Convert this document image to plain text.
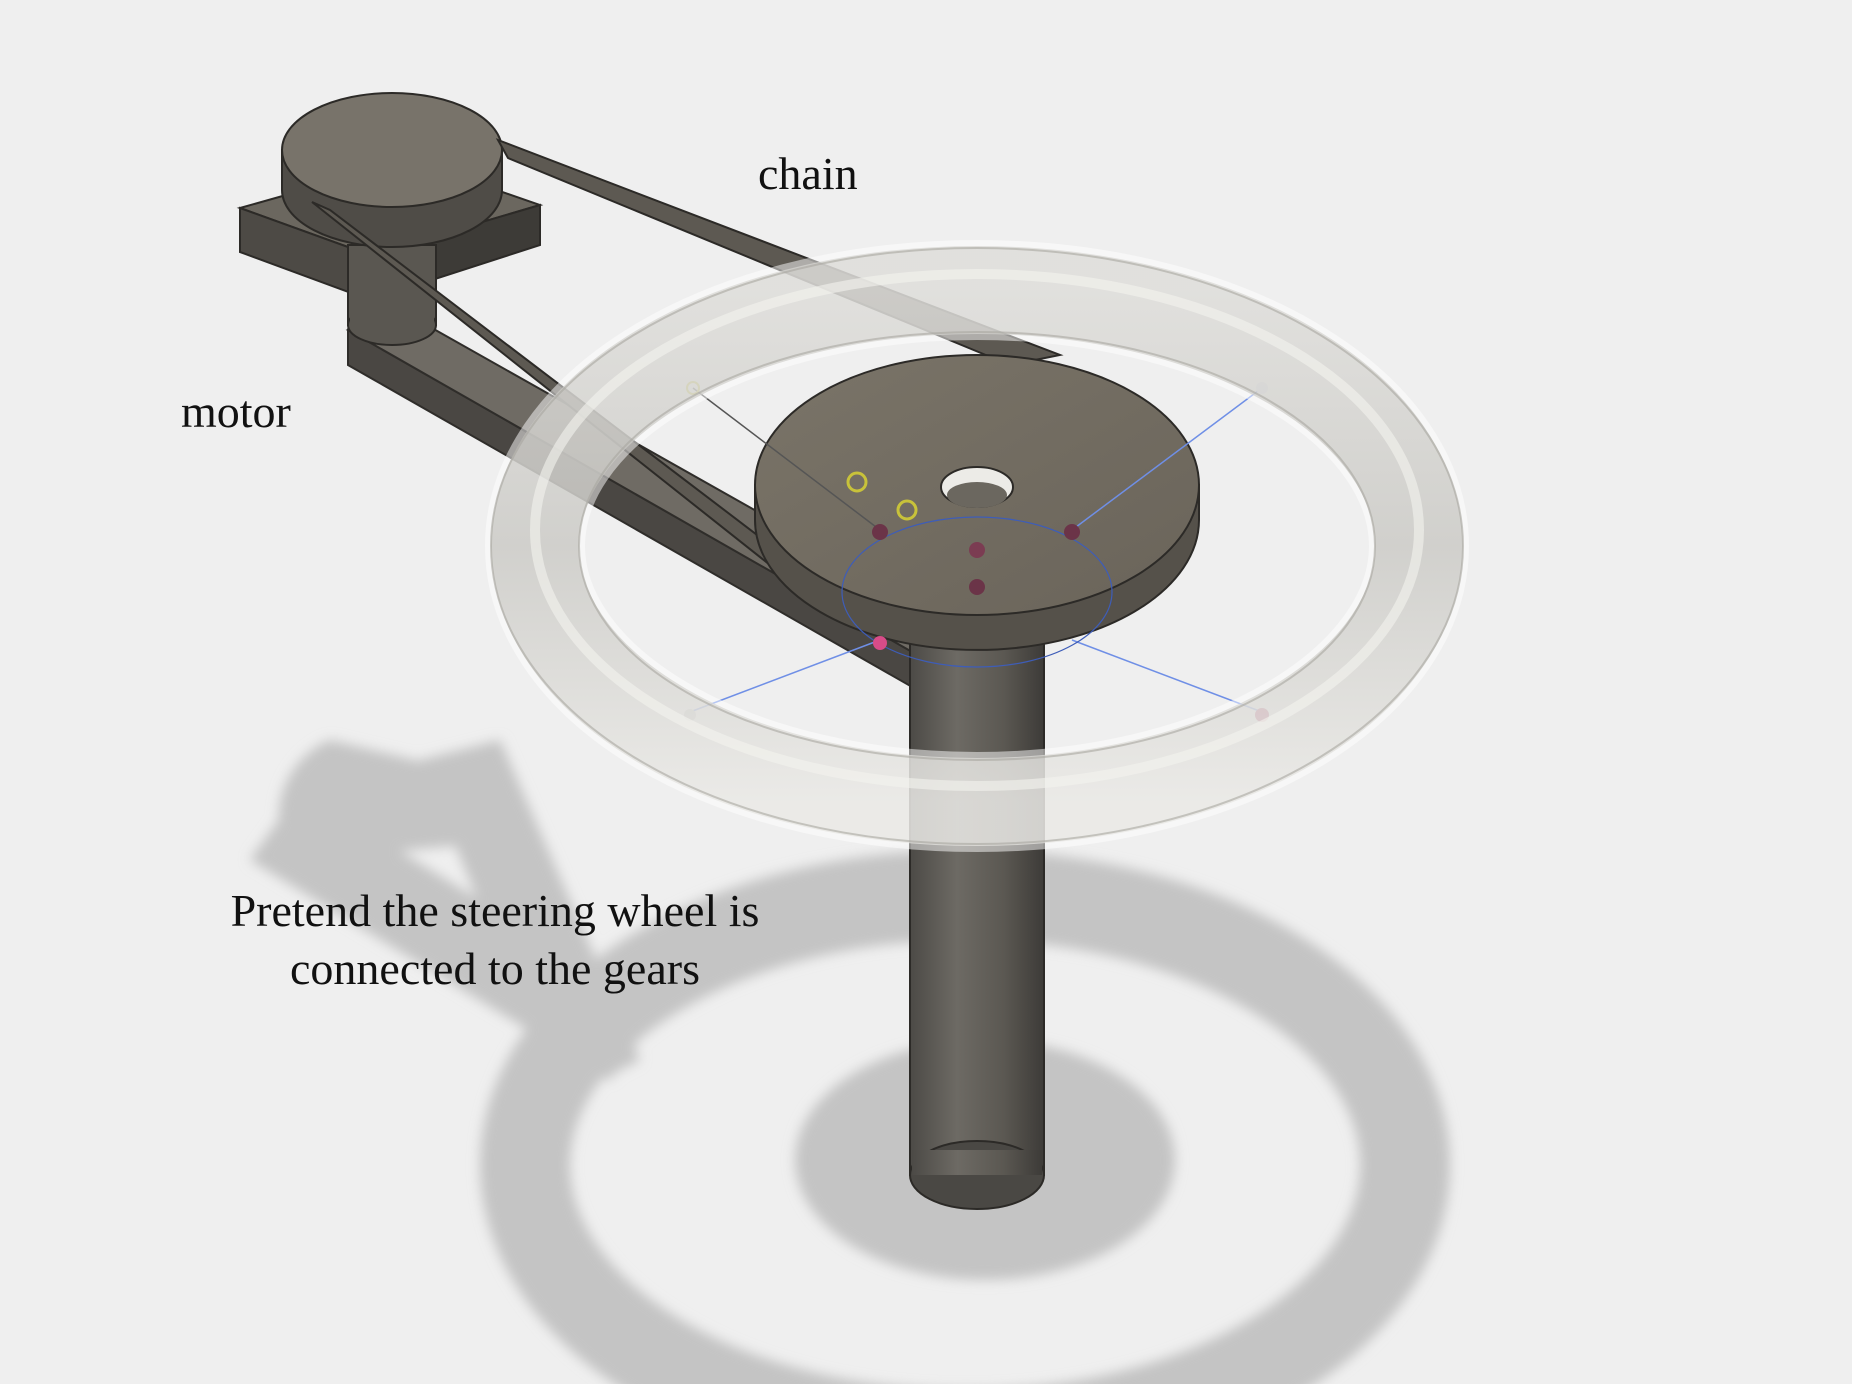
chain
motor
Pretend the steering wheel is connected to the gears
